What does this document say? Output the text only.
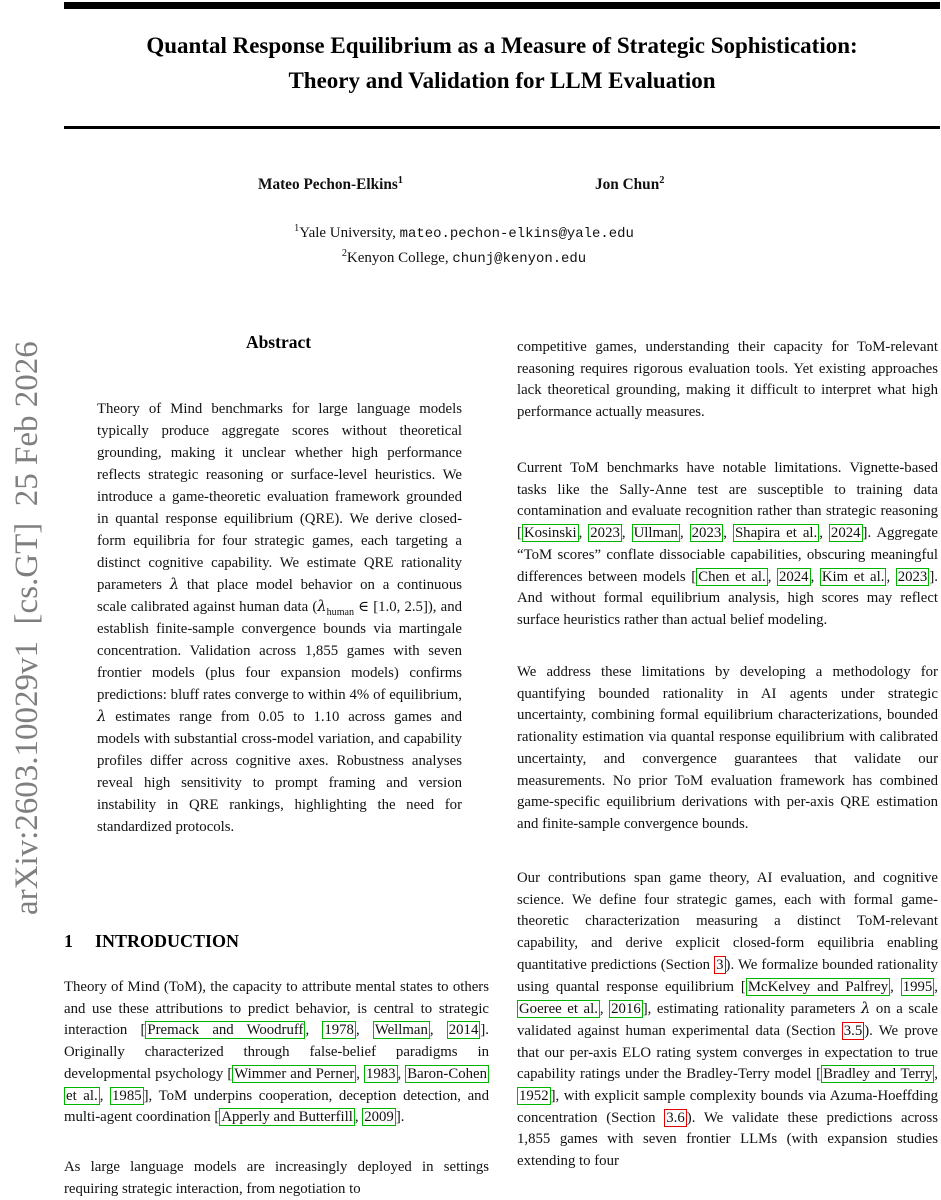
arXiv:2603.10029v1  [cs.GT]  25 Feb 2026
Quantal Response Equilibrium as a Measure of Strategic Sophistication:
Theory and Validation for LLM Evaluation
Mateo Pechon-Elkins$^1$	Jon Chun$^2$
$^1$Yale University, mateo.pechon-elkins@yale.edu
$^2$Kenyon College, chunj@kenyon.edu
Abstract
Theory of Mind benchmarks for large language models typically produce aggregate scores without theoretical grounding, making it unclear whether high performance reflects strategic reasoning or surface-level heuristics. We introduce a game-theoretic evaluation framework grounded in quantal response equilibrium (QRE). We derive closed-form equilibria for four strategic games, each targeting a distinct cognitive capability. We estimate QRE rationality parameters λ that place model behavior on a continuous scale calibrated against human data ($\lambda_{human}$ ∈ [1.0, 2.5]), and establish finite-sample convergence bounds via martingale concentration. Validation across 1,855 games with seven frontier models (plus four expansion models) confirms predictions: bluff rates converge to within 4% of equilibrium, λ estimates range from 0.05 to 1.10 across games and models with substantial cross-model variation, and capability profiles differ across cognitive axes. Robustness analyses reveal high sensitivity to prompt framing and version instability in QRE rankings, highlighting the need for standardized protocols.
1 INTRODUCTION

Theory of Mind (ToM), the capacity to attribute mental states to others and use these attributions to predict behavior, is central to strategic interaction [ Premack and Woodruff , 1978 , Wellman , 2014 ]. Originally characterized through false-belief paradigms in developmental psychology [ Wimmer and Perner , 1983 , Baron-Cohen et al. , 1985 ], ToM underpins cooperation, deception detection, and multi-agent coordination [ Apperly and Butterfill , 2009 ].

As large language models are increasingly deployed in settings requiring strategic interaction, from negotiation to

competitive games, understanding their capacity for ToM-relevant reasoning requires rigorous evaluation tools. Yet existing approaches lack theoretical grounding, making it difficult to interpret what high performance actually measures.

Current ToM benchmarks have notable limitations. Vignette-based tasks like the Sally-Anne test are susceptible to training data contamination and evaluate recognition rather than strategic reasoning [ Kosinski , 2023 , Ullman , 2023 , Shapira et al. , 2024 ]. Aggregate “ToM scores” conflate dissociable capabilities, obscuring meaningful differences between models [ Chen et al. , 2024 , Kim et al. , 2023 ]. And without formal equilibrium analysis, high scores may reflect surface heuristics rather than actual belief modeling.

We address these limitations by developing a methodology for quantifying bounded rationality in AI agents under strategic uncertainty, combining formal equilibrium characterizations, bounded rationality estimation via quantal response equilibrium with calibrated uncertainty, and convergence guarantees that validate our measurements. No prior ToM evaluation framework has combined game-specific equilibrium derivations with per-axis QRE estimation and finite-sample convergence bounds.

Our contributions span game theory, AI evaluation, and cognitive science. We define four strategic games, each with formal game-theoretic characterization measuring a distinct ToM-relevant capability, and derive explicit closed-form equilibria enabling quantitative predictions (Section 3 ). We formalize bounded rationality using quantal response equilibrium [ McKelvey and Palfrey , 1995 , Goeree et al. , 2016 ], estimating rationality parameters λ on a scale validated against human experimental data (Section 3.5 ). We prove that our per-axis ELO rating system converges in expectation to true capability ratings under the Bradley-Terry model [ Bradley and Terry , 1952 ], with explicit sample complexity bounds via Azuma-Hoeffding concentration (Section 3.6 ). We validate these predictions across 1,855 games with seven frontier LLMs (with expansion studies extending to four
